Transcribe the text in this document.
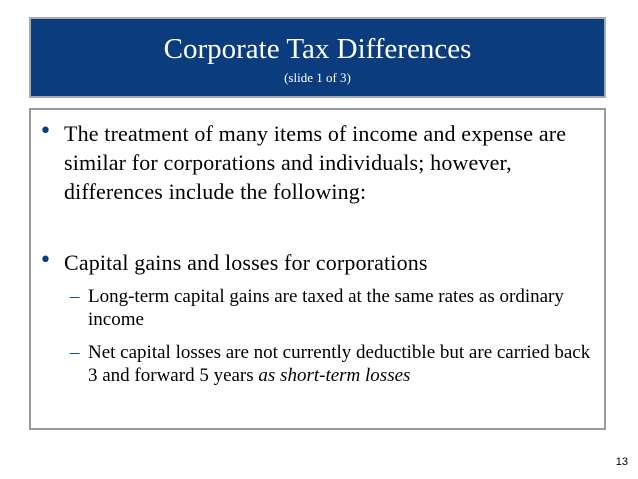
Corporate Tax Differences
(slide 1 of 3)
• The treatment of many items of income and expense are similar for corporations and individuals; however, differences include the following:
• Capital gains and losses for corporations
– Long-term capital gains are taxed at the same rates as ordinary income
– Net capital losses are not currently deductible but are carried back 3 and forward 5 years as short-term losses
13
